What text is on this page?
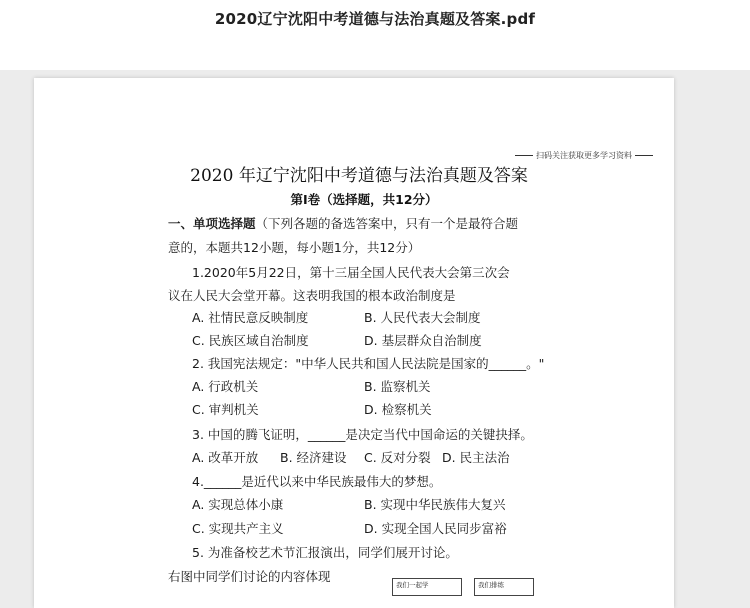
2020辽宁沈阳中考道德与法治真题及答案.pdf
扫码关注获取更多学习资料
2020 年辽宁沈阳中考道德与法治真题及答案
第Ⅰ卷（选择题，共12分）
一、单项选择题（下列各题的备选答案中，只有一个是最符合题
意的，本题共12小题，每小题1分，共12分）
1.2020年5月22日，第十三届全国人民代表大会第三次会
议在人民大会堂开幕。这表明我国的根本政治制度是
A. 社情民意反映制度	B. 人民代表大会制度
C. 民族区域自治制度	D. 基层群众自治制度
2. 我国宪法规定："中华人民共和国人民法院是国家的______。"
A. 行政机关	B. 监察机关
C. 审判机关	D. 检察机关
3. 中国的腾飞证明，______是决定当代中国命运的关键抉择。
A. 改革开放 B. 经济建设 C. 反对分裂 D. 民主法治
4.______是近代以来中华民族最伟大的梦想。
A. 实现总体小康	B. 实现中华民族伟大复兴
C. 实现共产主义	D. 实现全国人民同步富裕
5. 为准备校艺术节汇报演出，同学们展开讨论。
右图中同学们讨论的内容体现
我们一起学	我们排练
